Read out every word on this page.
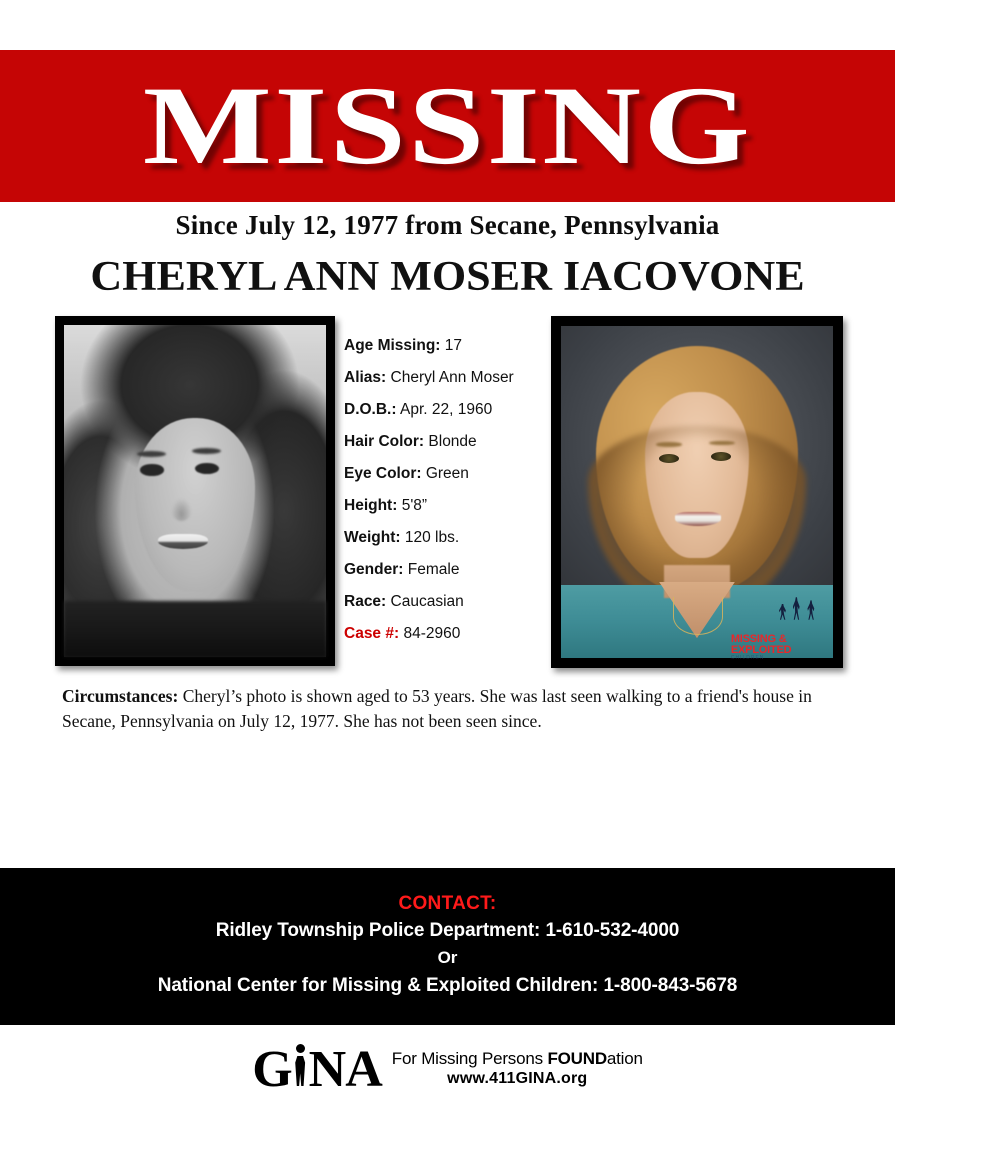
MISSING
Since July 12, 1977 from Secane, Pennsylvania
CHERYL ANN MOSER IACOVONE
MISSING &
EXPLOITED
CHILDREN
Age Missing: 17
Alias: Cheryl Ann Moser
D.O.B.: Apr. 22, 1960
Hair Color: Blonde
Eye Color: Green
Height: 5'8”
Weight: 120 lbs.
Gender: Female
Race: Caucasian
Case #: 84-2960
Circumstances: Cheryl’s photo is shown aged to 53 years. She was last seen walking to a friend's house in Secane, Pennsylvania on July 12, 1977. She has not been seen since.
CONTACT:
Ridley Township Police Department: 1-610-532-4000
Or
National Center for Missing & Exploited Children: 1-800-843-5678
G NA For Missing Persons FOUNDation
www.411GINA.org
